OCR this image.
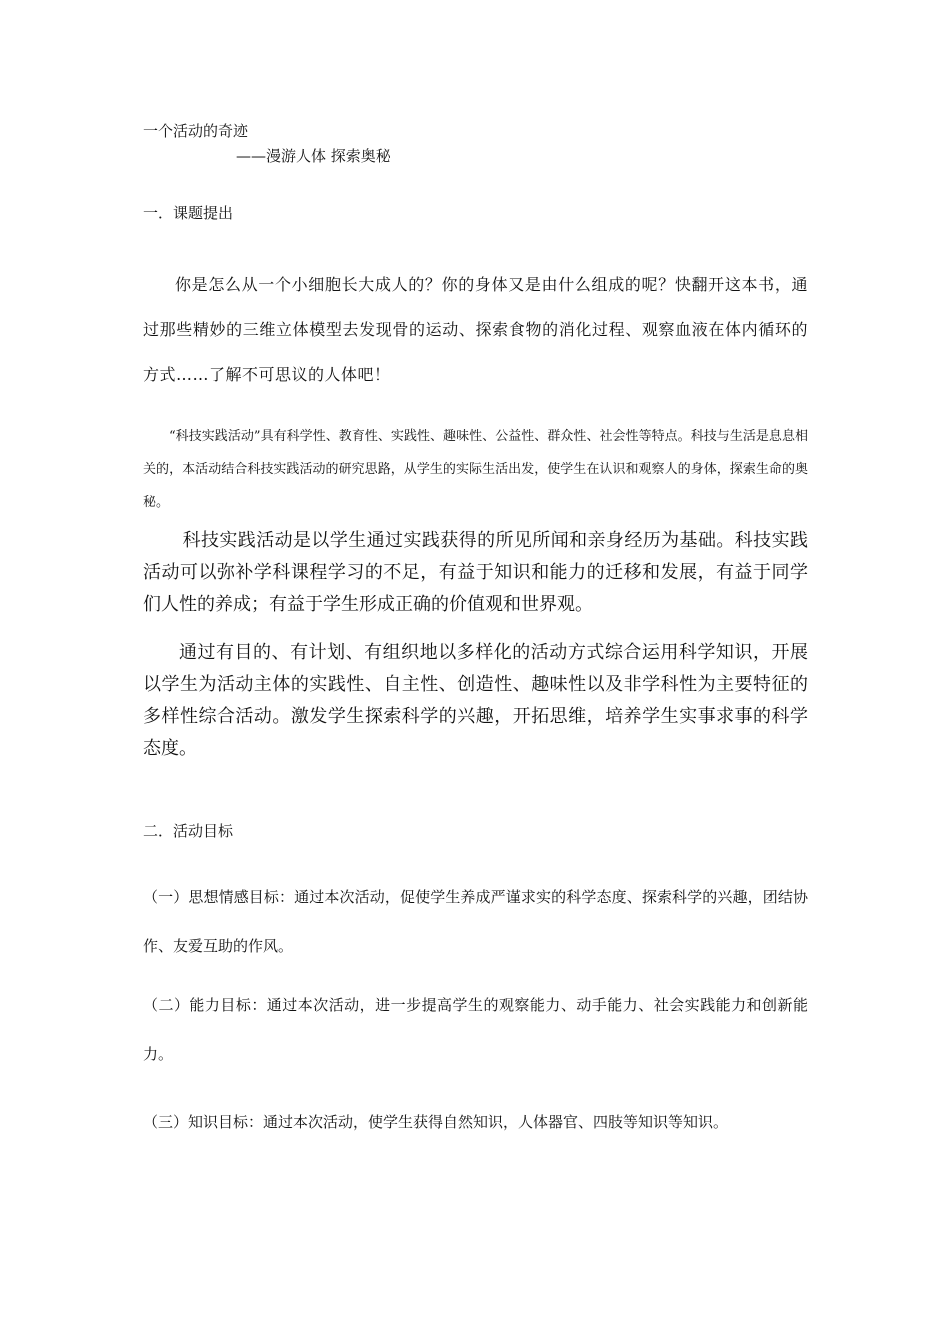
一个活动的奇迹

——漫游人体 探索奥秘

一．课题提出

你是怎么从一个小细胞长大成人的？你的身体又是由什么组成的呢？快翻开这本书，通过那些精妙的三维立体模型去发现骨的运动、探索食物的消化过程、观察血液在体内循环的方式……了解不可思议的人体吧！

“科技实践活动”具有科学性、教育性、实践性、趣味性、公益性、群众性、社会性等特点。科技与生活是息息相关的，本活动结合科技实践活动的研究思路，从学生的实际生活出发，使学生在认识和观察人的身体，探索生命的奥秘。

科技实践活动是以学生通过实践获得的所见所闻和亲身经历为基础。科技实践活动可以弥补学科课程学习的不足，有益于知识和能力的迁移和发展，有益于同学们人性的养成；有益于学生形成正确的价值观和世界观。

通过有目的、有计划、有组织地以多样化的活动方式综合运用科学知识，开展以学生为活动主体的实践性、自主性、创造性、趣味性以及非学科性为主要特征的多样性综合活动。激发学生探索科学的兴趣，开拓思维，培养学生实事求事的科学态度。

二．活动目标

（一）思想情感目标：通过本次活动，促使学生养成严谨求实的科学态度、探索科学的兴趣，团结协作、友爱互助的作风。

（二）能力目标：通过本次活动，进一步提高学生的观察能力、动手能力、社会实践能力和创新能力。

（三）知识目标：通过本次活动，使学生获得自然知识，人体器官、四肢等知识等知识。
